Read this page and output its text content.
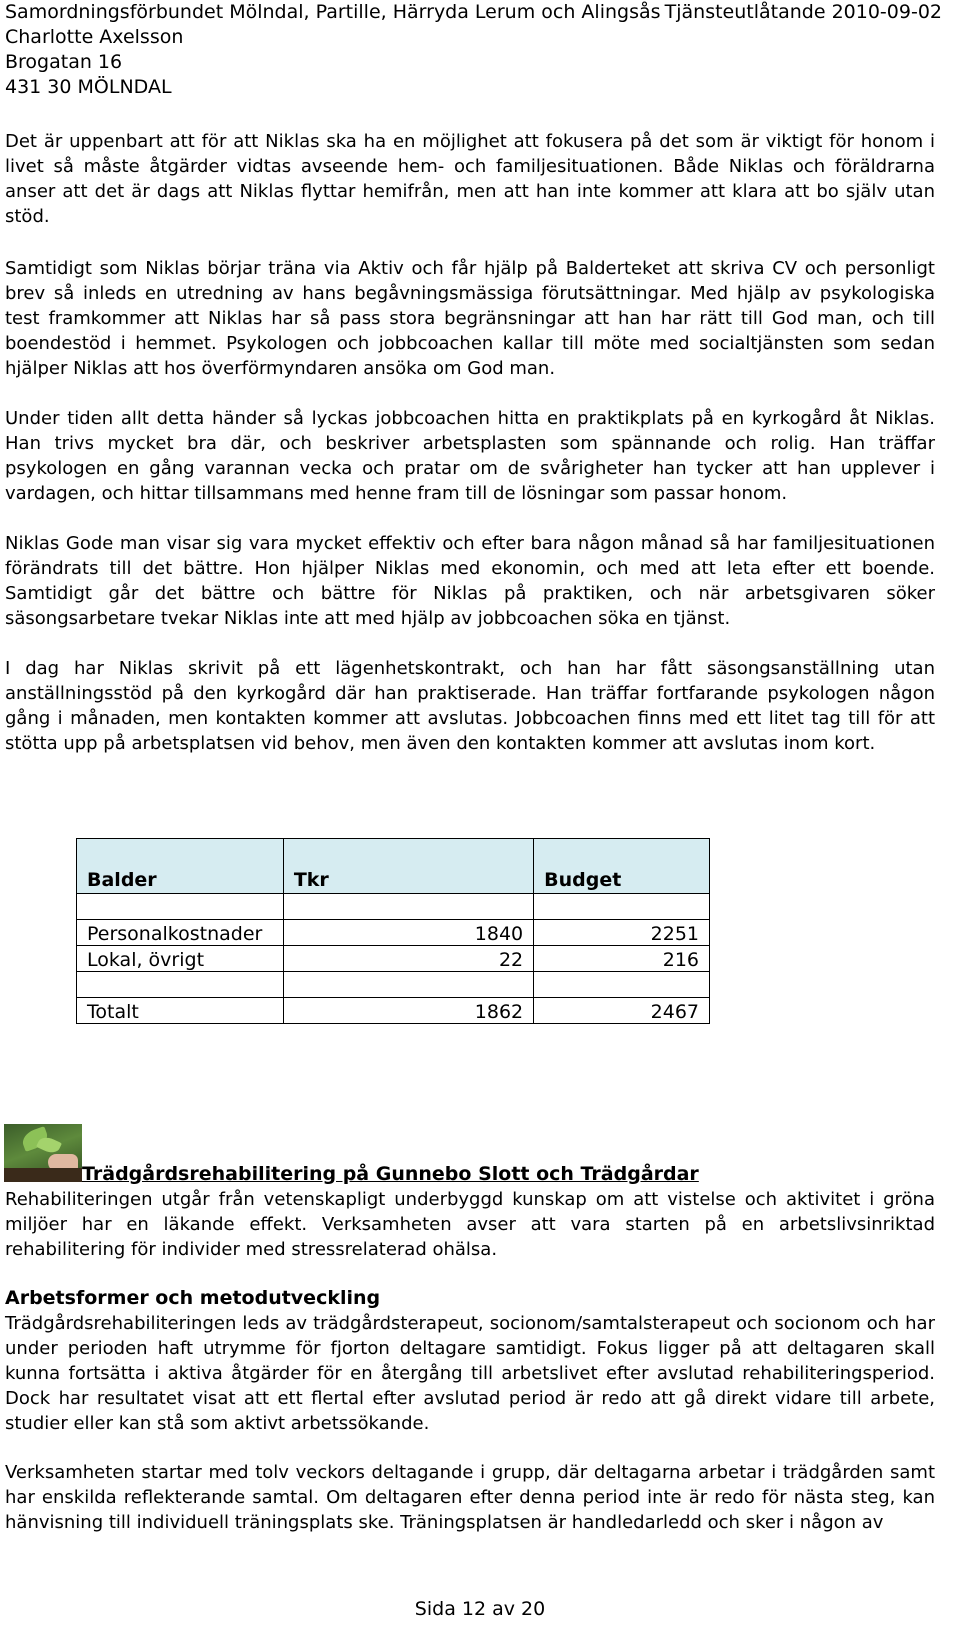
Samordningsförbundet Mölndal, Partille, Härryda Lerum och Alingsås Tjänsteutlåtande 2010-09-02
Charlotte Axelsson
Brogatan 16
431 30 MÖLNDAL

Det är uppenbart att för att Niklas ska ha en möjlighet att fokusera på det som är viktigt för honom i livet så måste åtgärder vidtas avseende hem- och familjesituationen. Både Niklas och föräldrarna anser att det är dags att Niklas flyttar hemifrån, men att han inte kommer att klara att bo själv utan stöd.

Samtidigt som Niklas börjar träna via Aktiv och får hjälp på Balderteket att skriva CV och personligt brev så inleds en utredning av hans begåvningsmässiga förutsättningar. Med hjälp av psykologiska test framkommer att Niklas har så pass stora begränsningar att han har rätt till God man, och till boendestöd i hemmet. Psykologen och jobbcoachen kallar till möte med socialtjänsten som sedan hjälper Niklas att hos överförmyndaren ansöka om God man.

Under tiden allt detta händer så lyckas jobbcoachen hitta en praktikplats på en kyrkogård åt Niklas. Han trivs mycket bra där, och beskriver arbetsplasten som spännande och rolig. Han träffar psykologen en gång varannan vecka och pratar om de svårigheter han tycker att han upplever i vardagen, och hittar tillsammans med henne fram till de lösningar som passar honom.

Niklas Gode man visar sig vara mycket effektiv och efter bara någon månad så har familjesituationen förändrats till det bättre. Hon hjälper Niklas med ekonomin, och med att leta efter ett boende. Samtidigt går det bättre och bättre för Niklas på praktiken, och när arbetsgivaren söker säsongsarbetare tvekar Niklas inte att med hjälp av jobbcoachen söka en tjänst.

I dag har Niklas skrivit på ett lägenhetskontrakt, och han har fått säsongsanställning utan anställningsstöd på den kyrkogård där han praktiserade. Han träffar fortfarande psykologen någon gång i månaden, men kontakten kommer att avslutas. Jobbcoachen finns med ett litet tag till för att stötta upp på arbetsplatsen vid behov, men även den kontakten kommer att avslutas inom kort.

Balder	Tkr	Budget

Personalkostnader	1840	2251
Lokal, övrigt	22	216

Totalt	1862	2467
Trädgårdsrehabilitering på Gunnebo Slott och Trädgårdar

Rehabiliteringen utgår från vetenskapligt underbyggd kunskap om att vistelse och aktivitet i gröna miljöer har en läkande effekt. Verksamheten avser att vara starten på en arbetslivsinriktad rehabilitering för individer med stressrelaterad ohälsa.

Arbetsformer och metodutveckling

Trädgårdsrehabiliteringen leds av trädgårdsterapeut, socionom/samtalsterapeut och socionom och har under perioden haft utrymme för fjorton deltagare samtidigt. Fokus ligger på att deltagaren skall kunna fortsätta i aktiva åtgärder för en återgång till arbetslivet efter avslutad rehabiliteringsperiod. Dock har resultatet visat att ett flertal efter avslutad period är redo att gå direkt vidare till arbete, studier eller kan stå som aktivt arbetssökande.

Verksamheten startar med tolv veckors deltagande i grupp, där deltagarna arbetar i trädgården samt har enskilda reflekterande samtal. Om deltagaren efter denna period inte är redo för nästa steg, kan hänvisning till individuell träningsplats ske. Träningsplatsen är handledarledd och sker i någon av

Sida 12 av 20
